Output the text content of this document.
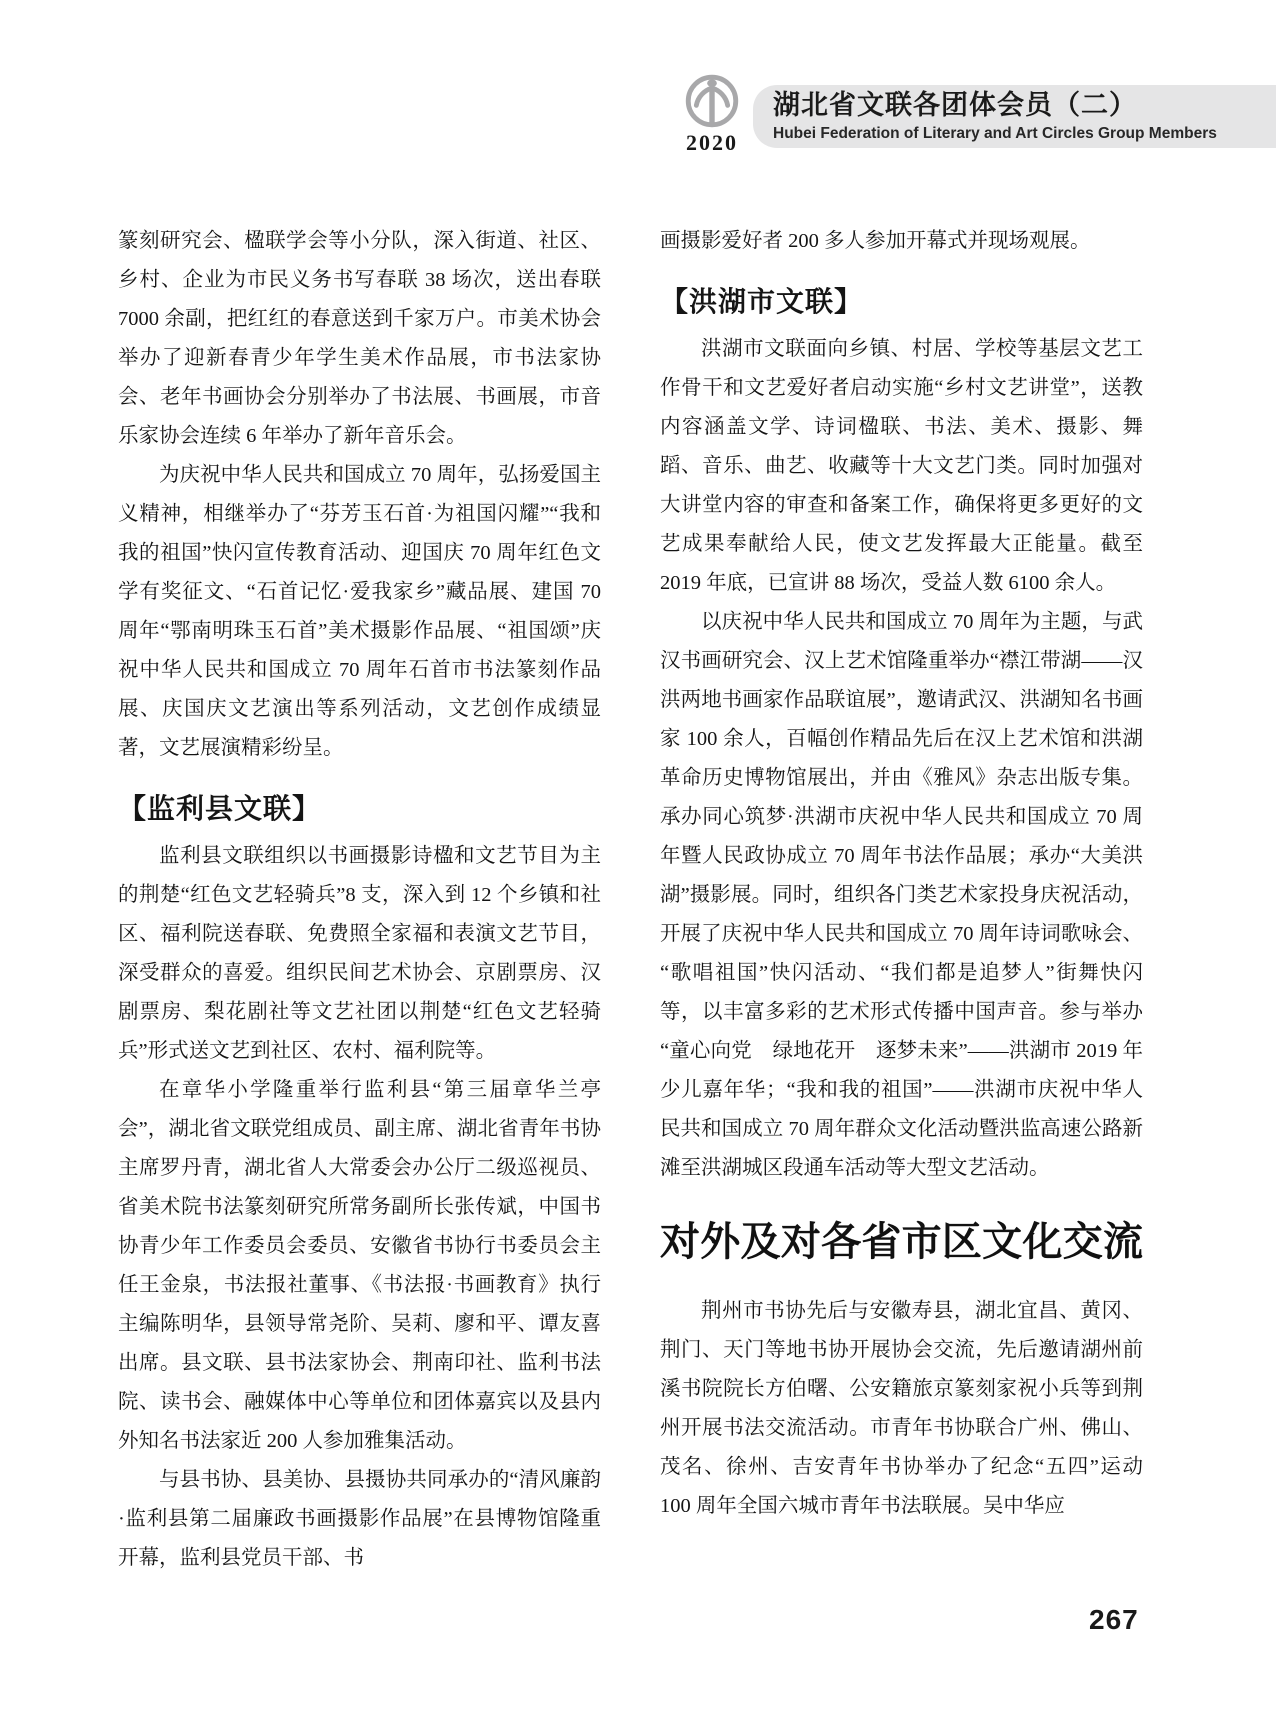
2020
湖北省文联各团体会员（二）
Hubei Federation of Literary and Art Circles Group Members

篆刻研究会、楹联学会等小分队，深入街道、社区、乡村、企业为市民义务书写春联 38 场次，送出春联 7000 余副，把红红的春意送到千家万户。市美术协会举办了迎新春青少年学生美术作品展，市书法家协会、老年书画协会分别举办了书法展、书画展，市音乐家协会连续 6 年举办了新年音乐会。

为庆祝中华人民共和国成立 70 周年，弘扬爱国主义精神，相继举办了“芬芳玉石首·为祖国闪耀”“我和我的祖国”快闪宣传教育活动、迎国庆 70 周年红色文学有奖征文、“石首记忆·爱我家乡”藏品展、建国 70 周年“鄂南明珠玉石首”美术摄影作品展、“祖国颂”庆祝中华人民共和国成立 70 周年石首市书法篆刻作品展、庆国庆文艺演出等系列活动，文艺创作成绩显著，文艺展演精彩纷呈。

【监利县文联】

监利县文联组织以书画摄影诗楹和文艺节目为主的荆楚“红色文艺轻骑兵”8 支，深入到 12 个乡镇和社区、福利院送春联、免费照全家福和表演文艺节目，深受群众的喜爱。组织民间艺术协会、京剧票房、汉剧票房、梨花剧社等文艺社团以荆楚“红色文艺轻骑兵”形式送文艺到社区、农村、福利院等。

在章华小学隆重举行监利县“第三届章华兰亭会”，湖北省文联党组成员、副主席、湖北省青年书协主席罗丹青，湖北省人大常委会办公厅二级巡视员、省美术院书法篆刻研究所常务副所长张传斌，中国书协青少年工作委员会委员、安徽省书协行书委员会主任王金泉，书法报社董事、《书法报·书画教育》执行主编陈明华，县领导常尧阶、吴莉、廖和平、谭友喜出席。县文联、县书法家协会、荆南印社、监利书法院、读书会、融媒体中心等单位和团体嘉宾以及县内外知名书法家近 200 人参加雅集活动。

与县书协、县美协、县摄协共同承办的“清风廉韵·监利县第二届廉政书画摄影作品展”在县博物馆隆重开幕，监利县党员干部、书

画摄影爱好者 200 多人参加开幕式并现场观展。

【洪湖市文联】

洪湖市文联面向乡镇、村居、学校等基层文艺工作骨干和文艺爱好者启动实施“乡村文艺讲堂”，送教内容涵盖文学、诗词楹联、书法、美术、摄影、舞蹈、音乐、曲艺、收藏等十大文艺门类。同时加强对大讲堂内容的审查和备案工作，确保将更多更好的文艺成果奉献给人民，使文艺发挥最大正能量。截至 2019 年底，已宣讲 88 场次，受益人数 6100 余人。

以庆祝中华人民共和国成立 70 周年为主题，与武汉书画研究会、汉上艺术馆隆重举办“襟江带湖——汉洪两地书画家作品联谊展”，邀请武汉、洪湖知名书画家 100 余人，百幅创作精品先后在汉上艺术馆和洪湖革命历史博物馆展出，并由《雅风》杂志出版专集。承办同心筑梦·洪湖市庆祝中华人民共和国成立 70 周年暨人民政协成立 70 周年书法作品展；承办“大美洪湖”摄影展。同时，组织各门类艺术家投身庆祝活动，开展了庆祝中华人民共和国成立 70 周年诗词歌咏会、“歌唱祖国”快闪活动、“我们都是追梦人”街舞快闪等，以丰富多彩的艺术形式传播中国声音。参与举办“童心向党　绿地花开　逐梦未来”——洪湖市 2019 年少儿嘉年华；“我和我的祖国”——洪湖市庆祝中华人民共和国成立 70 周年群众文化活动暨洪监高速公路新滩至洪湖城区段通车活动等大型文艺活动。

对外及对各省市区文化交流

荆州市书协先后与安徽寿县，湖北宜昌、黄冈、荆门、天门等地书协开展协会交流，先后邀请湖州前溪书院院长方伯曙、公安籍旅京篆刻家祝小兵等到荆州开展书法交流活动。市青年书协联合广州、佛山、茂名、徐州、吉安青年书协举办了纪念“五四”运动 100 周年全国六城市青年书法联展。吴中华应

267
